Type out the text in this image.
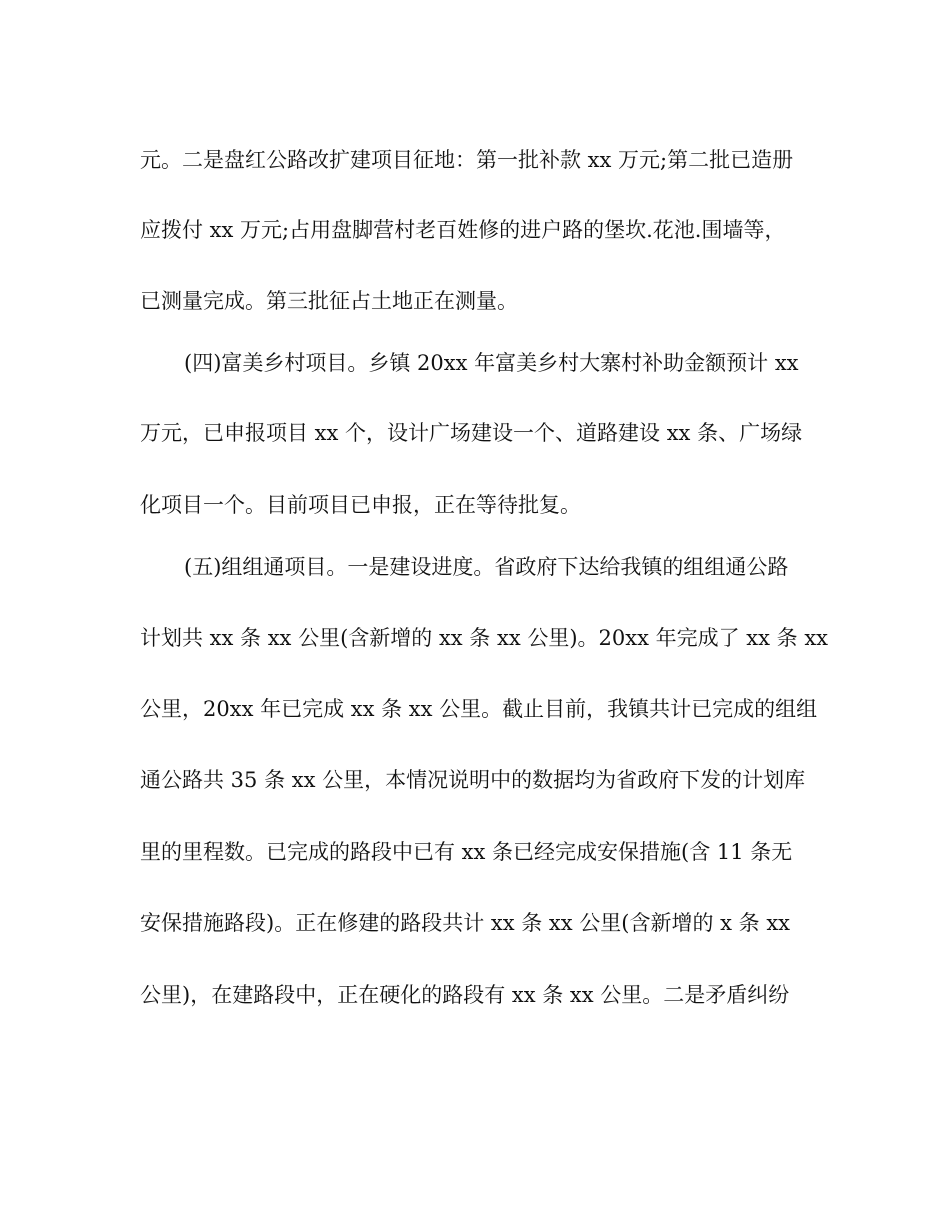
元。二是盘红公路改扩建项目征地：第一批补款 xx 万元;第二批已造册
应拨付 xx 万元;占用盘脚营村老百姓修的进户路的堡坎.花池.围墙等，
已测量完成。第三批征占土地正在测量。
(四)富美乡村项目。乡镇 20xx 年富美乡村大寨村补助金额预计 xx
万元，已申报项目 xx 个，设计广场建设一个、道路建设 xx 条、广场绿
化项目一个。目前项目已申报，正在等待批复。
(五)组组通项目。一是建设进度。省政府下达给我镇的组组通公路
计划共 xx 条 xx 公里(含新增的 xx 条 xx 公里)。20xx 年完成了 xx 条 xx
公里，20xx 年已完成 xx 条 xx 公里。截止目前，我镇共计已完成的组组
通公路共 35 条 xx 公里，本情况说明中的数据均为省政府下发的计划库
里的里程数。已完成的路段中已有 xx 条已经完成安保措施(含 11 条无
安保措施路段)。正在修建的路段共计 xx 条 xx 公里(含新增的 x 条 xx
公里)，在建路段中，正在硬化的路段有 xx 条 xx 公里。二是矛盾纠纷
